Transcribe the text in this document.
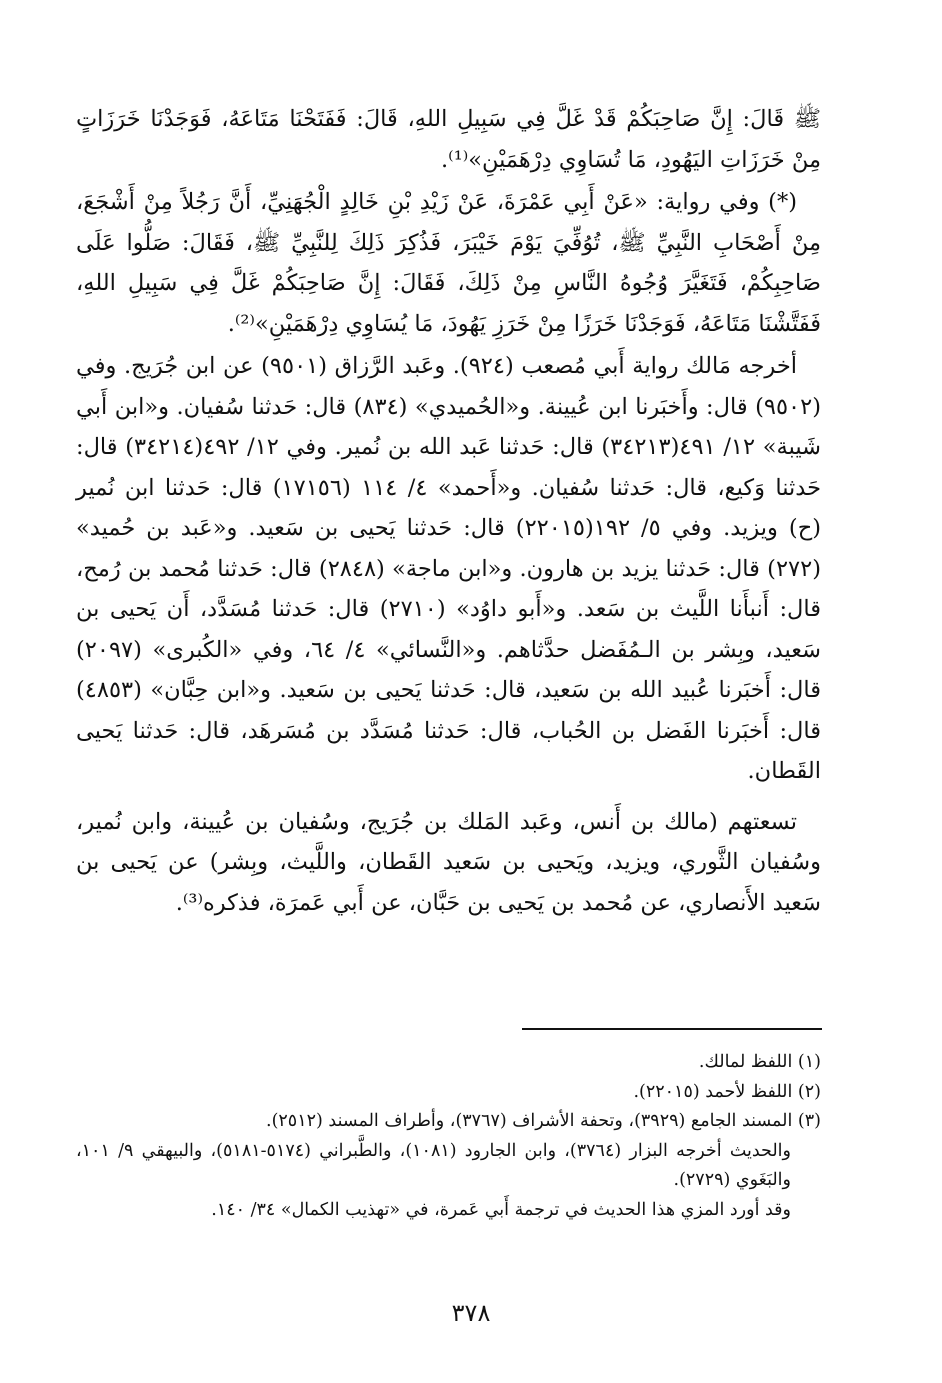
ﷺ قَالَ: إِنَّ صَاحِبَكُمْ قَدْ غَلَّ فِي سَبِيلِ اللهِ، قَالَ: فَفَتَحْنَا مَتَاعَهُ، فَوَجَدْنَا خَرَزَاتٍ مِنْ خَرَزَاتِ اليَهُودِ، مَا تُسَاوِي دِرْهَمَيْنِ»⁽¹⁾.

(*) وفي رواية: «عَنْ أَبِي عَمْرَةَ، عَنْ زَيْدِ بْنِ خَالِدٍ الْجُهَنِيِّ، أَنَّ رَجُلاً مِنْ أَشْجَعَ، مِنْ أَصْحَابِ النَّبِيِّ ﷺ، تُوُفِّيَ يَوْمَ خَيْبَرَ، فَذُكِرَ ذَلِكَ لِلنَّبِيِّ ﷺ، فَقَالَ: صَلُّوا عَلَى صَاحِبِكُمْ، فَتَغَيَّرَ وُجُوهُ النَّاسِ مِنْ ذَلِكَ، فَقَالَ: إِنَّ صَاحِبَكُمْ غَلَّ فِي سَبِيلِ اللهِ، فَفَتَّشْنَا مَتَاعَهُ، فَوَجَدْنَا خَرَزًا مِنْ خَرَزِ يَهُودَ، مَا يُسَاوِي دِرْهَمَيْنِ»⁽²⁾.

أخرجه مَالك رواية أَبي مُصعب (٩٢٤). وعَبد الرَّزاق (٩٥٠١) عن ابن جُرَيج. وفي (٩٥٠٢) قال: وأَخبَرنا ابن عُيينة. و«الحُميدي» (٨٣٤) قال: حَدثنا سُفيان. و«ابن أَبي شَيبة» ١٢/ ٤٩١(٣٤٢١٣) قال: حَدثنا عَبد الله بن نُمير. وفي ١٢/ ٤٩٢(٣٤٢١٤) قال: حَدثنا وَكيع، قال: حَدثنا سُفيان. و«أَحمد» ٤/ ١١٤ (١٧١٥٦) قال: حَدثنا ابن نُمير (ح) ويزيد. وفي ٥/ ١٩٢(٢٢٠١٥) قال: حَدثنا يَحيى بن سَعيد. و«عَبد بن حُميد» (٢٧٢) قال: حَدثنا يزيد بن هارون. و«ابن ماجة» (٢٨٤٨) قال: حَدثنا مُحمد بن رُمح، قال: أَنبأَنا اللَّيث بن سَعد. و«أَبو داوُد» (٢٧١٠) قال: حَدثنا مُسَدَّد، أَن يَحيى بن سَعيد، وبِشر بن الـمُفَضل حدَّثاهم. و«النَّسائي» ٤/ ٦٤، وفي «الكُبرى» (٢٠٩٧) قال: أَخبَرنا عُبيد الله بن سَعيد، قال: حَدثنا يَحيى بن سَعيد. و«ابن حِبَّان» (٤٨٥٣) قال: أَخبَرنا الفَضل بن الحُباب، قال: حَدثنا مُسَدَّد بن مُسَرهَد، قال: حَدثنا يَحيى القَطان.

تسعتهم (مالك بن أَنس، وعَبد المَلك بن جُرَيج، وسُفيان بن عُيينة، وابن نُمير، وسُفيان الثَّوري، ويزيد، ويَحيى بن سَعيد القَطان، واللَّيث، وبِشر) عن يَحيى بن سَعيد الأَنصاري، عن مُحمد بن يَحيى بن حَبَّان، عن أَبي عَمرَة، فذكره⁽³⁾.

(١) اللفظ لمالك.

(٢) اللفظ لأحمد (٢٢٠١٥).

(٣) المسند الجامع (٣٩٢٩)، وتحفة الأشراف (٣٧٦٧)، وأطراف المسند (٢٥١٢).

والحديث أخرجه البزار (٣٧٦٤)، وابن الجارود (١٠٨١)، والطَّبراني (٥١٧٤-٥١٨١)، والبيهقي ٩/ ١٠١، والبَغَوي (٢٧٢٩).

وقد أورد المزي هذا الحديث في ترجمة أَبي عَمرة، في «تهذيب الكمال» ٣٤/ ١٤٠.

٣٧٨
